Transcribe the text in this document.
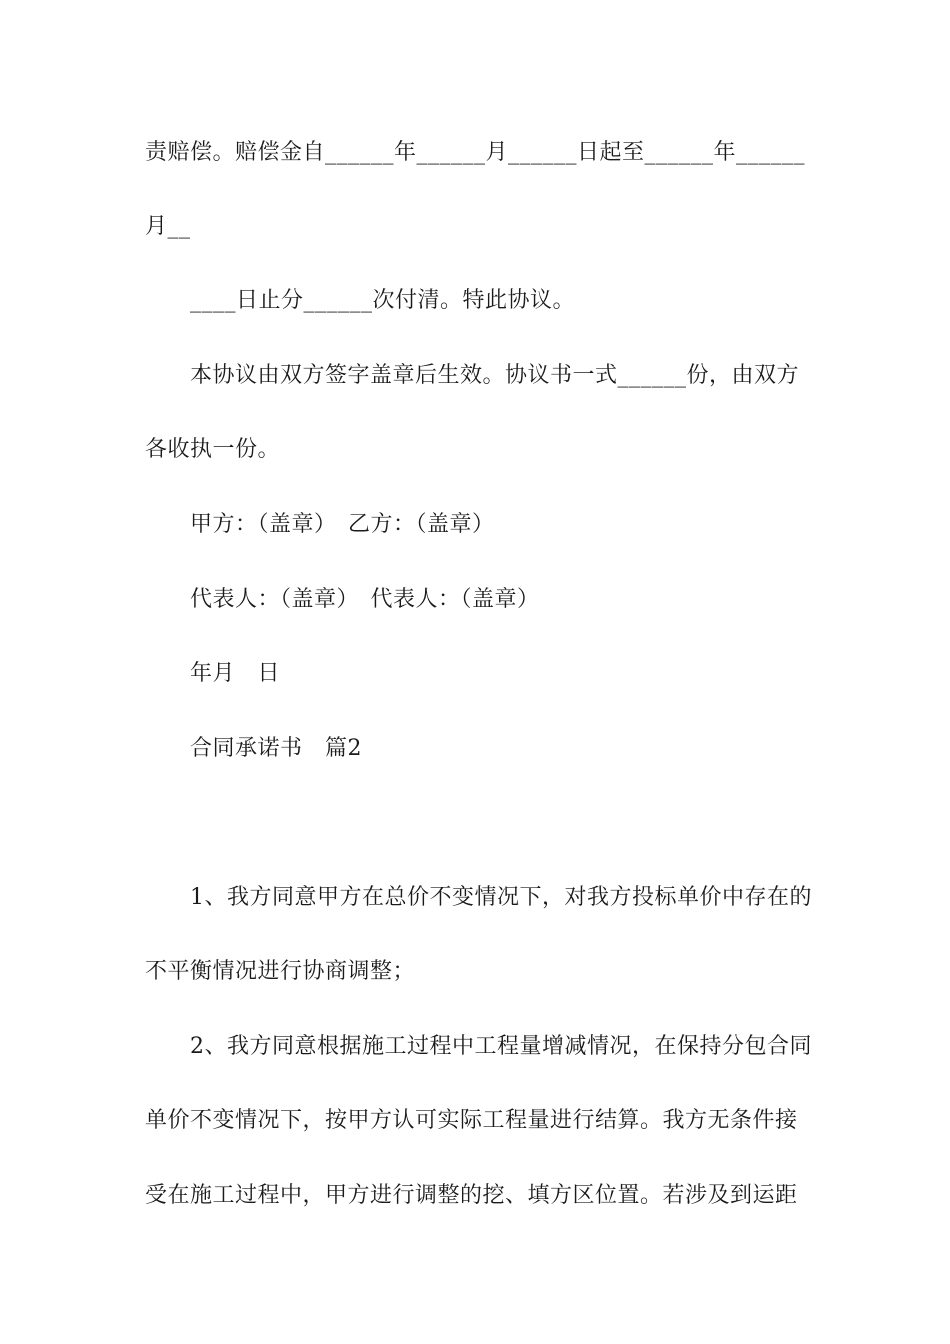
责赔偿。赔偿金自______年______月______日起至______年______
月__
____日止分______次付清。特此协议。
本协议由双方签字盖章后生效。协议书一式______份，由双方
各收执一份。
甲方：（盖章）　乙方：（盖章）
代表人：（盖章）　代表人：（盖章）
年月　日
合同承诺书　篇2
1、我方同意甲方在总价不变情况下，对我方投标单价中存在的
不平衡情况进行协商调整；
2、我方同意根据施工过程中工程量增减情况，在保持分包合同
单价不变情况下，按甲方认可实际工程量进行结算。我方无条件接
受在施工过程中，甲方进行调整的挖、填方区位置。若涉及到运距
